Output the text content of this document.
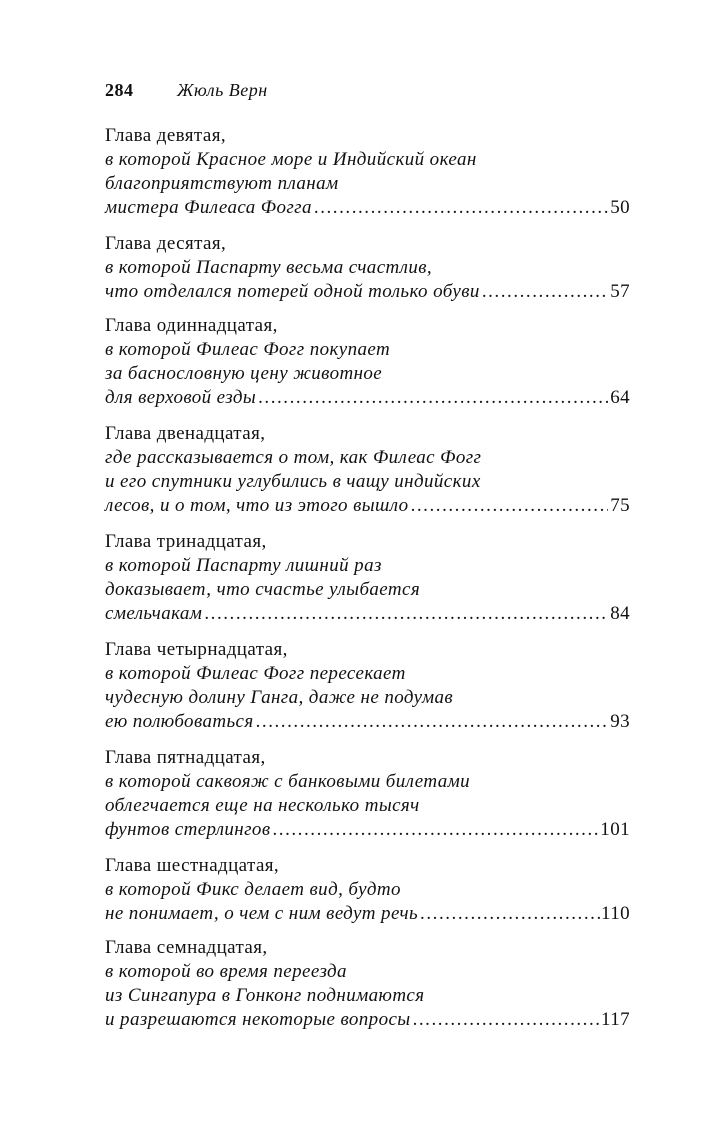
284	Жюль Верн
Глава девятая,
в которой Красное море и Индийский океан
благоприятствуют планам
мистера Филеаса Фогга . . .	50
Глава десятая,
в которой Паспарту весьма счастлив,
что отделался потерей одной только обуви . . .	57
Глава одиннадцатая,
в которой Филеас Фогг покупает
за баснословную цену животное
для верховой езды . . .	64
Глава двенадцатая,
где рассказывается о том, как Филеас Фогг
и его спутники углубились в чащу индийских
лесов, и о том, что из этого вышло . . .	75
Глава тринадцатая,
в которой Паспарту лишний раз
доказывает, что счастье улыбается
смельчакам . . .	84
Глава четырнадцатая,
в которой Филеас Фогг пересекает
чудесную долину Ганга, даже не подумав
ею полюбоваться . . .	93
Глава пятнадцатая,
в которой саквояж с банковыми билетами
облегчается еще на несколько тысяч
фунтов стерлингов . . .	101
Глава шестнадцатая,
в которой Фикс делает вид, будто
не понимает, о чем с ним ведут речь . . .	110
Глава семнадцатая,
в которой во время переезда
из Сингапура в Гонконг поднимаются
и разрешаются некоторые вопросы . . .	117
